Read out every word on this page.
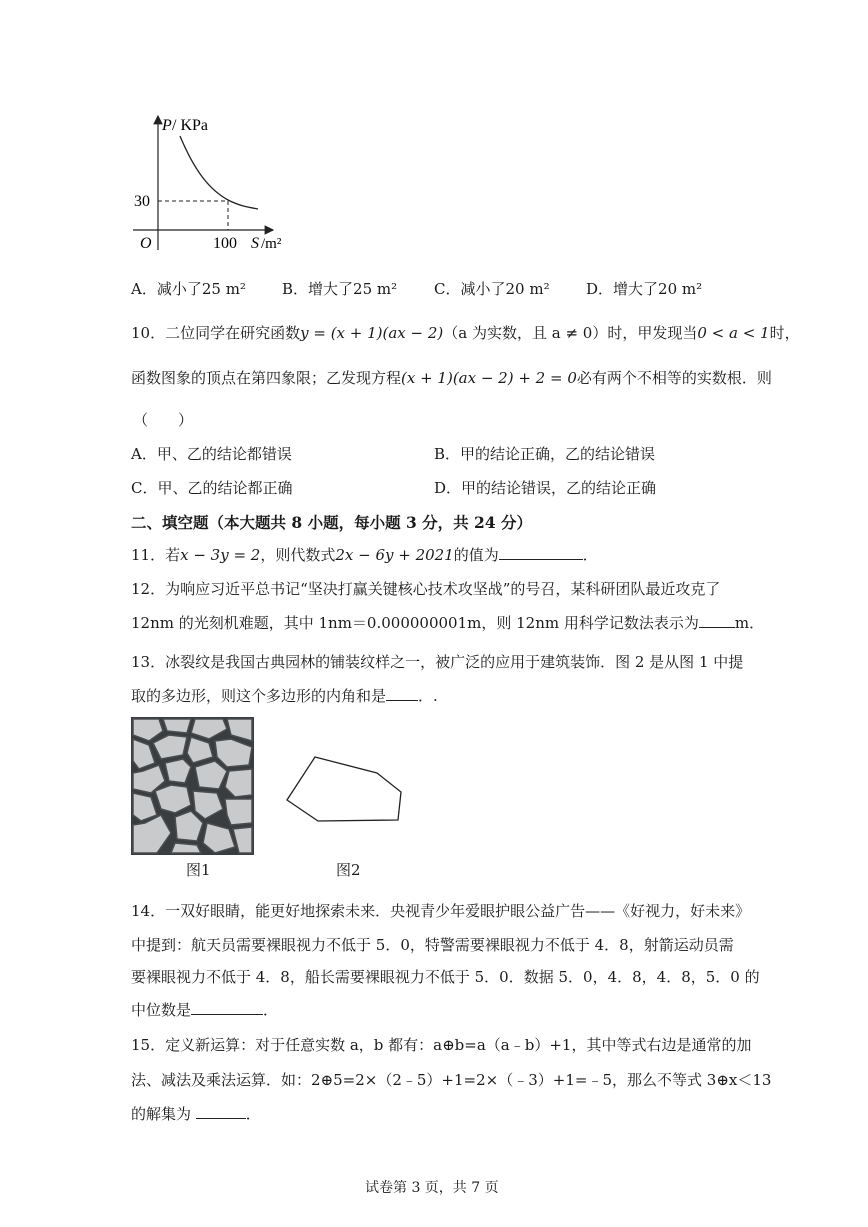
P / KPa
30
O	100 S /m²
A．减小了25 m² B．增大了25 m² C．减小了20 m² D．增大了20 m²
10．二位同学在研究函数y = (x + 1)(ax − 2)（a 为实数，且 a ≠ 0）时，甲发现当0 < a < 1时，
函数图象的顶点在第四象限；乙发现方程(x + 1)(ax − 2) + 2 = 0必有两个不相等的实数根．则
（　　）
A．甲、乙的结论都错误	B．甲的结论正确，乙的结论错误
C．甲、乙的结论都正确	D．甲的结论错误，乙的结论正确
二、填空题（本大题共 8 小题，每小题 3 分，共 24 分）
11．若x − 3y = 2，则代数式2x − 6y + 2021的值为	．
12．为响应习近平总书记“坚决打赢关键核心技术攻坚战”的号召，某科研团队最近攻克了
12nm 的光刻机难题，其中 1nm＝0.000000001m，则 12nm 用科学记数法表示为 m．
13．冰裂纹是我国古典园林的铺装纹样之一，被广泛的应用于建筑装饰．图 2 是从图 1 中提
取的多边形，则这个多边形的内角和是 ．.
图1	图2
14．一双好眼睛，能更好地探索未来．央视青少年爱眼护眼公益广告——《好视力，好未来》
中提到：航天员需要裸眼视力不低于 5．0，特警需要裸眼视力不低于 4．8，射箭运动员需
要裸眼视力不低于 4．8，船长需要裸眼视力不低于 5．0．数据 5．0，4．8，4．8，5．0 的
中位数是	．
15．定义新运算：对于任意实数 a，b 都有：a⊕b=a（a﹣b）+1，其中等式右边是通常的加
法、减法及乘法运算．如：2⊕5=2×（2﹣5）+1=2×（﹣3）+1=﹣5，那么不等式 3⊕x＜13
的解集为	．
试卷第 3 页，共 7 页
